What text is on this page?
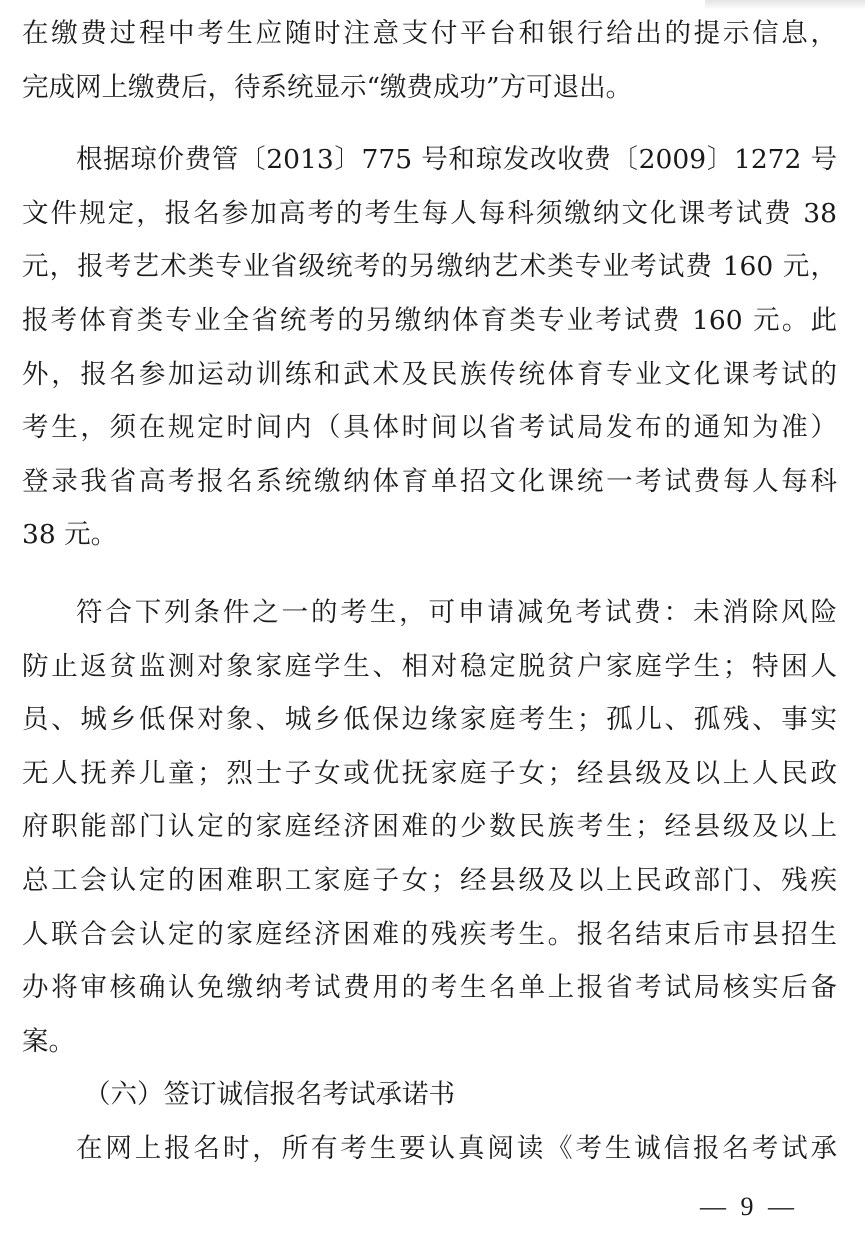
在缴费过程中考生应随时注意支付平台和银行给出的提示信息，
完成网上缴费后，待系统显示“缴费成功”方可退出。
根据琼价费管〔2013〕775 号和琼发改收费〔2009〕1272 号
文件规定，报名参加高考的考生每人每科须缴纳文化课考试费 38
元，报考艺术类专业省级统考的另缴纳艺术类专业考试费 160 元，
报考体育类专业全省统考的另缴纳体育类专业考试费 160 元。此
外，报名参加运动训练和武术及民族传统体育专业文化课考试的
考生，须在规定时间内（具体时间以省考试局发布的通知为准）
登录我省高考报名系统缴纳体育单招文化课统一考试费每人每科
38 元。
符合下列条件之一的考生，可申请减免考试费：未消除风险
防止返贫监测对象家庭学生、相对稳定脱贫户家庭学生；特困人
员、城乡低保对象、城乡低保边缘家庭考生；孤儿、孤残、事实
无人抚养儿童；烈士子女或优抚家庭子女；经县级及以上人民政
府职能部门认定的家庭经济困难的少数民族考生；经县级及以上
总工会认定的困难职工家庭子女；经县级及以上民政部门、残疾
人联合会认定的家庭经济困难的残疾考生。报名结束后市县招生
办将审核确认免缴纳考试费用的考生名单上报省考试局核实后备
案。
（六）签订诚信报名考试承诺书
在网上报名时，所有考生要认真阅读《考生诚信报名考试承
— 9 —
